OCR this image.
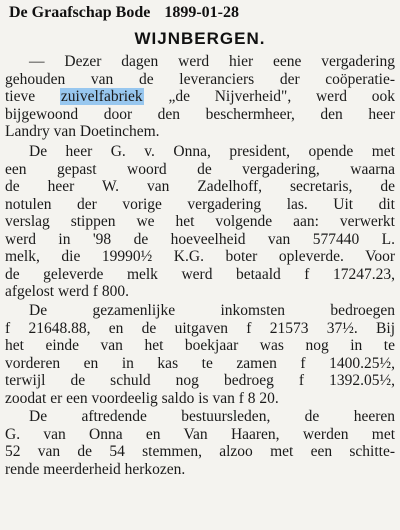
De Graafschap Bode 1899-01-28
WIJNBERGEN.
— Dezer dagen werd hier eene vergadering
gehouden van de leveranciers der coöperatie-
tieve zuivelfabriek „de Nijverheid", werd ook
bijgewoond door den beschermheer, den heer
Landry van Doetinchem.
De heer G. v. Onna, president, opende met
een gepast woord de vergadering, waarna
de heer W. van Zadelhoff, secretaris, de
notulen der vorige vergadering las. Uit dit
verslag stippen we het volgende aan: verwerkt
werd in '98 de hoeveelheid van 577440 L.
melk, die 19990½ K.G. boter opleverde. Voor
de geleverde melk werd betaald f 17247.23,
afgelost werd f 800.
De gezamenlijke inkomsten bedroegen
f 21648.88, en de uitgaven f 21573 37½. Bij
het einde van het boekjaar was nog in te
vorderen en in kas te zamen f 1400.25½,
terwijl de schuld nog bedroeg f 1392.05½,
zoodat er een voordeelig saldo is van f 8 20.
De aftredende bestuursleden, de heeren
G. van Onna en Van Haaren, werden met
52 van de 54 stemmen, alzoo met een schitte-
rende meerderheid herkozen.
